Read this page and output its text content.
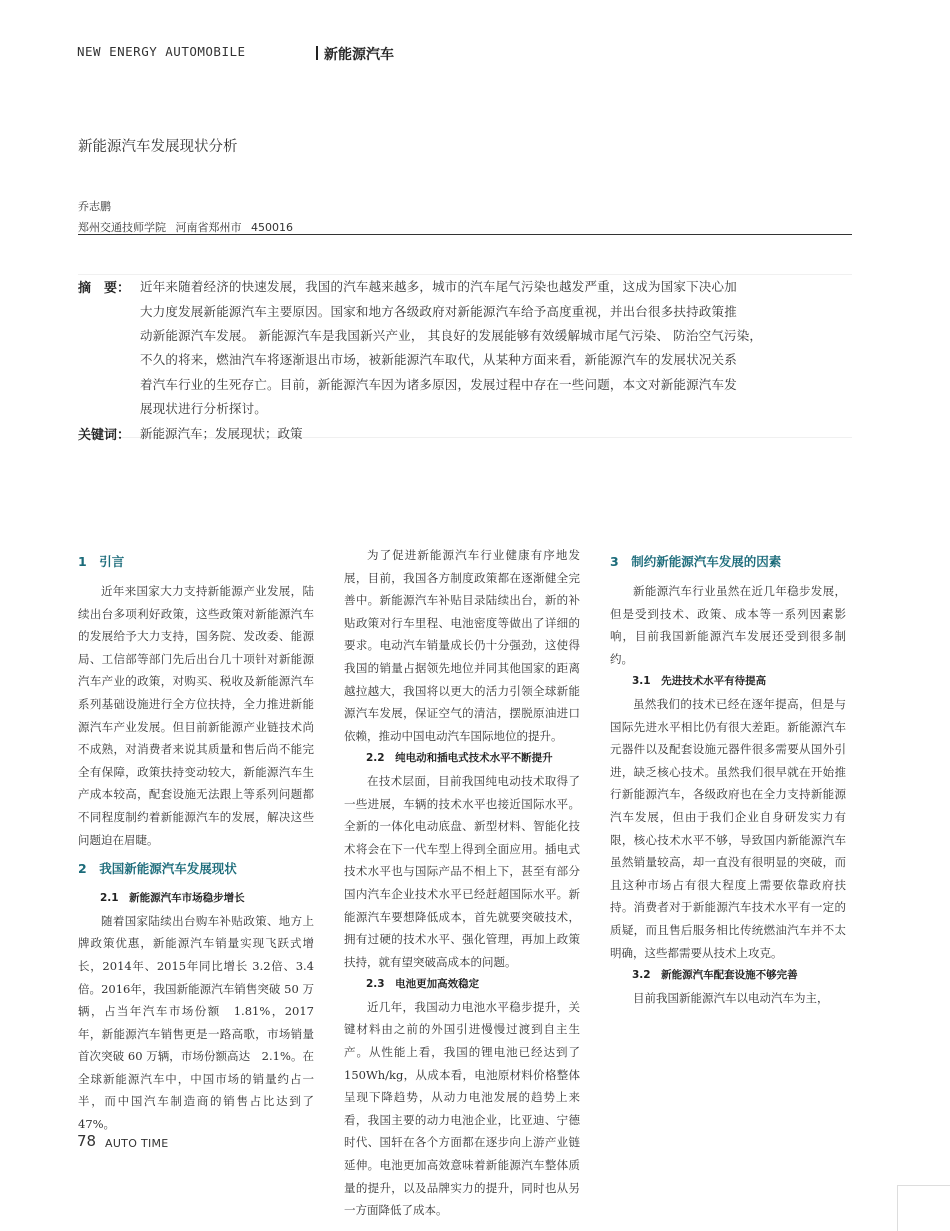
NEW ENERGY AUTOMOBILE	新能源汽车
新能源汽车发展现状分析
乔志鹏
郑州交通技师学院 河南省郑州市 450016
摘　要： 近年来随着经济的快速发展，我国的汽车越来越多，城市的汽车尾气污染也越发严重，这成为国家下决心加
大力度发展新能源汽车主要原因。国家和地方各级政府对新能源汽车给予高度重视，并出台很多扶持政策推
动新能源汽车发展。 新能源汽车是我国新兴产业， 其良好的发展能够有效缓解城市尾气污染、 防治空气污染，
不久的将来，燃油汽车将逐渐退出市场，被新能源汽车取代，从某种方面来看，新能源汽车的发展状况关系
着汽车行业的生死存亡。目前，新能源汽车因为诸多原因，发展过程中存在一些问题，本文对新能源汽车发
展现状进行分析探讨。
关键词： 新能源汽车；发展现状；政策
1　引言

近年来国家大力支持新能源产业发展，陆续出台多项利好政策，这些政策对新能源汽车的发展给予大力支持，国务院、发改委、能源局、工信部等部门先后出台几十项针对新能源汽车产业的政策，对购买、税收及新能源汽车系列基础设施进行全方位扶持，全力推进新能源汽车产业发展。但目前新能源产业链技术尚不成熟，对消费者来说其质量和售后尚不能完全有保障，政策扶持变动较大，新能源汽车生产成本较高，配套设施无法跟上等系列问题都不同程度制约着新能源汽车的发展，解决这些问题迫在眉睫。

2　我国新能源汽车发展现状
2.1　新能源汽车市场稳步增长

随着国家陆续出台购车补贴政策、地方上牌政策优惠，新能源汽车销量实现飞跃式增长，2014年、2015年同比增长 3.2倍、3.4倍。2016年，我国新能源汽车销售突破 50 万辆，占当年汽车市场份额　1.81%，2017年，新能源汽车销售更是一路高歌，市场销量首次突破 60 万辆，市场份额高达　2.1%。在全球新能源汽车中，中国市场的销量约占一半，而中国汽车制造商的销售占比达到了 47%。

为了促进新能源汽车行业健康有序地发展，目前，我国各方制度政策都在逐渐健全完善中。新能源汽车补贴目录陆续出台，新的补贴政策对行车里程、电池密度等做出了详细的要求。电动汽车销量成长仍十分强劲，这使得我国的销量占据领先地位并同其他国家的距离越拉越大，我国将以更大的活力引领全球新能源汽车发展，保证空气的清洁，摆脱原油进口依赖，推动中国电动汽车国际地位的提升。

2.2　纯电动和插电式技术水平不断提升

在技术层面，目前我国纯电动技术取得了一些进展，车辆的技术水平也接近国际水平。全新的一体化电动底盘、新型材料、智能化技术将会在下一代车型上得到全面应用。插电式技术水平也与国际产品不相上下，甚至有部分国内汽车企业技术水平已经赶超国际水平。新能源汽车要想降低成本，首先就要突破技术，拥有过硬的技术水平、强化管理，再加上政策扶持，就有望突破高成本的问题。

2.3　电池更加高效稳定

近几年，我国动力电池水平稳步提升，关键材料由之前的外国引进慢慢过渡到自主生产。从性能上看，我国的锂电池已经达到了 150Wh/kg，从成本看，电池原材料价格整体呈现下降趋势，从动力电池发展的趋势上来看，我国主要的动力电池企业，比亚迪、宁德时代、国轩在各个方面都在逐步向上游产业链延伸。电池更加高效意味着新能源汽车整体质量的提升，以及品牌实力的提升，同时也从另一方面降低了成本。

3　制约新能源汽车发展的因素

新能源汽车行业虽然在近几年稳步发展，但是受到技术、政策、成本等一系列因素影响，目前我国新能源汽车发展还受到很多制约。

3.1　先进技术水平有待提高

虽然我们的技术已经在逐年提高，但是与国际先进水平相比仍有很大差距。新能源汽车元器件以及配套设施元器件很多需要从国外引进，缺乏核心技术。虽然我们很早就在开始推行新能源汽车，各级政府也在全力支持新能源汽车发展，但由于我们企业自身研发实力有限，核心技术水平不够，导致国内新能源汽车虽然销量较高，却一直没有很明显的突破，而且这种市场占有很大程度上需要依靠政府扶持。消费者对于新能源汽车技术水平有一定的质疑，而且售后服务相比传统燃油汽车并不太明确，这些都需要从技术上攻克。

3.2　新能源汽车配套设施不够完善

目前我国新能源汽车以电动汽车为主，

78 AUTO TIME
